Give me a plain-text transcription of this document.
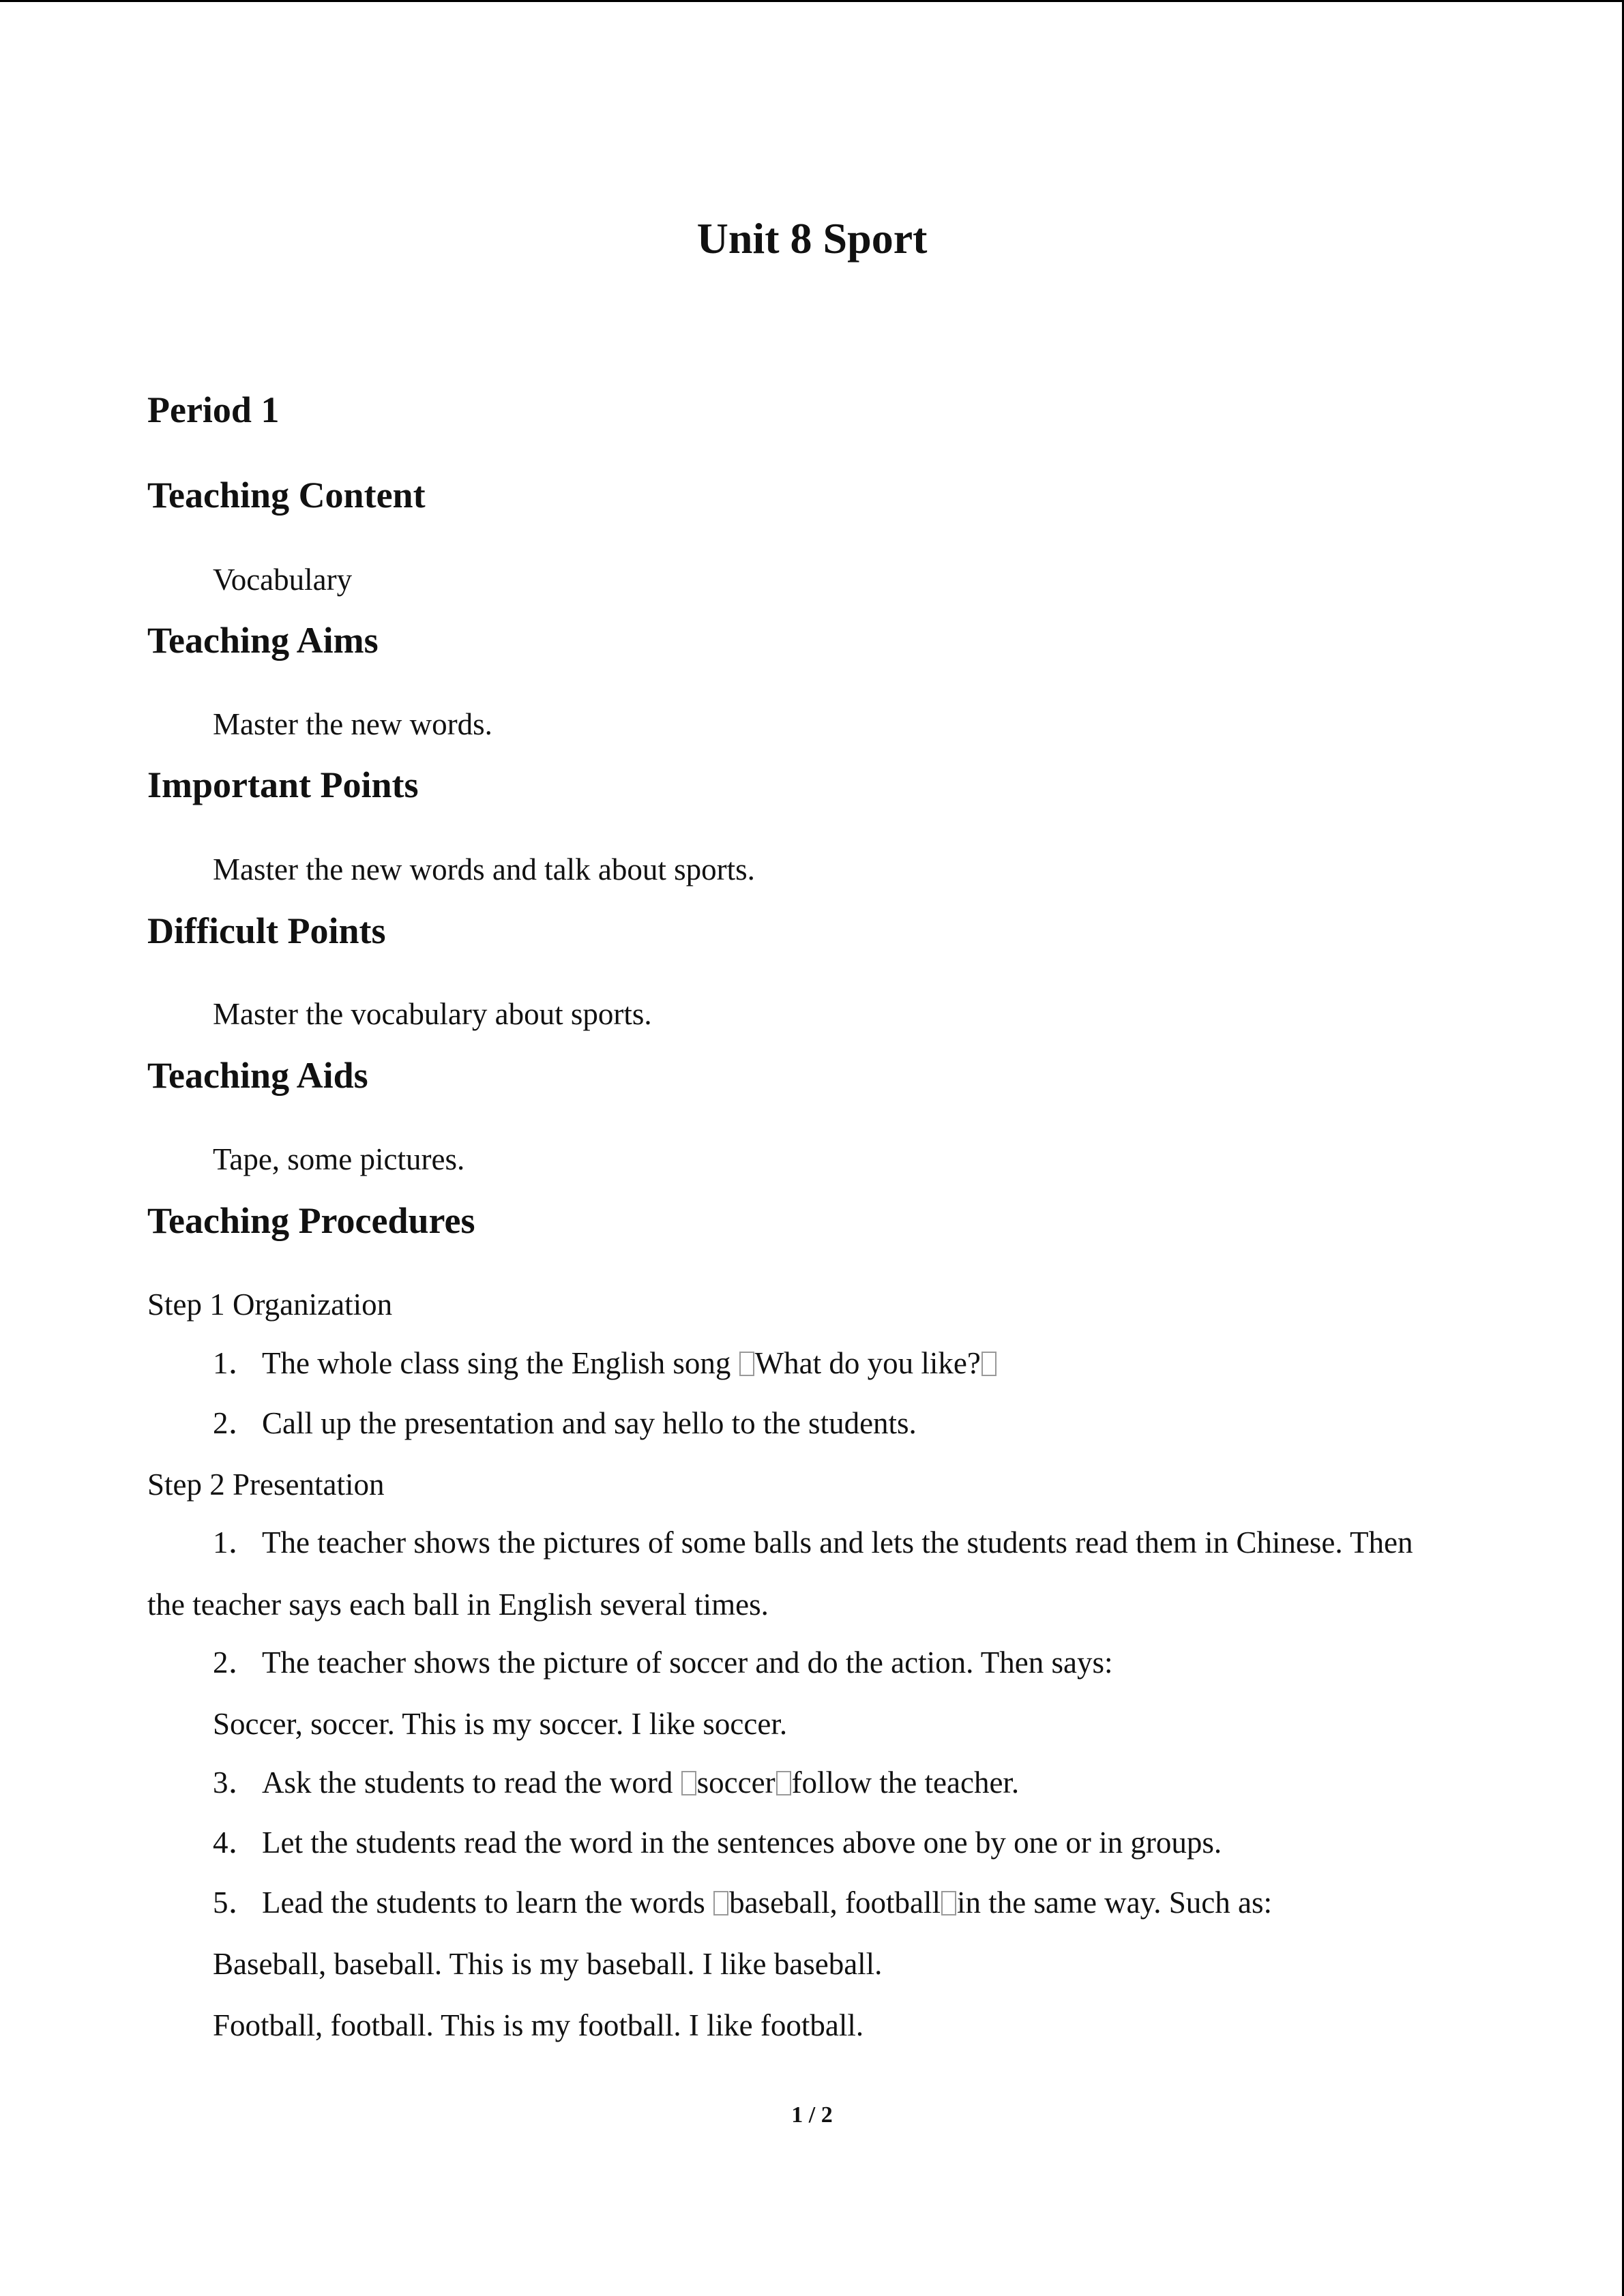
Unit 8 Sport
Period 1
Teaching Content

Vocabulary

Teaching Aims

Master the new words.

Important Points

Master the new words and talk about sports.

Difficult Points

Master the vocabulary about sports.

Teaching Aids

Tape, some pictures.

Teaching Procedures

Step 1 Organization

1．The whole class sing the English song What do you like?

2．Call up the presentation and say hello to the students.

Step 2 Presentation

1．The teacher shows the pictures of some balls and lets the students read them in Chinese. Then

the teacher says each ball in English several times.

2．The teacher shows the picture of soccer and do the action. Then says:

Soccer, soccer. This is my soccer. I like soccer.

3．Ask the students to read the word soccer follow the teacher.

4．Let the students read the word in the sentences above one by one or in groups.

5．Lead the students to learn the words baseball, football in the same way. Such as:

Baseball, baseball. This is my baseball. I like baseball.

Football, football. This is my football. I like football.

1 / 2
